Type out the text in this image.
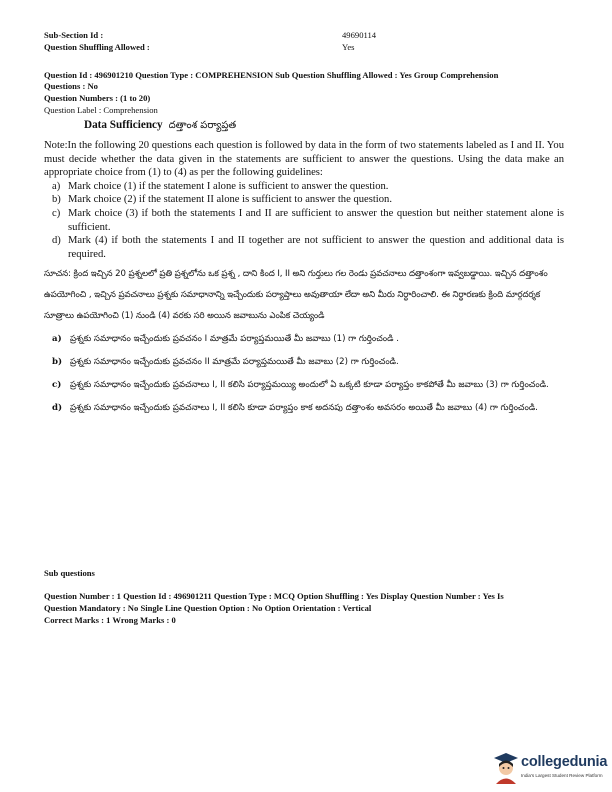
Sub-Section Id :	49690114
Question Shuffling Allowed :	Yes
Question Id : 496901210 Question Type : COMPREHENSION Sub Question Shuffling Allowed : Yes Group Comprehension
Questions : No
Question Numbers : (1 to 20)
Question Label : Comprehension
Data Sufficiency దత్తాంశ పర్యాప్తత
Note:In the following 20 questions each question is followed by data in the form of two statements labeled as I and II. You must decide whether the data given in the statements are sufficient to answer the questions. Using the data make an appropriate choice from (1) to (4) as per the following guidelines:
a) Mark choice (1) if the statement I alone is sufficient to answer the question.
b) Mark choice (2) if the statement II alone is sufficient to answer the question.
c) Mark choice (3) if both the statements I and II are sufficient to answer the question but neither statement alone is sufficient.
d) Mark (4) if both the statements I and II together are not sufficient to answer the question and additional data is required.
సూచన: క్రింద ఇచ్చిన 20 ప్రశ్నలలో ప్రతి ప్రశ్నలోను ఒక ప్రశ్న , దాని కింద I, II అని గుర్తులు గల రెండు ప్రవచనాలు దత్తాంశంగా ఇవ్వబడ్డాయి. ఇచ్చిన దత్తాంశం ఉపయోగించి , ఇచ్చిన ప్రవచనాలు ప్రశ్నకు సమాధానాన్ని ఇచ్చేందుకు పర్యాప్తాలు అవుతాయా లేదా అని మీరు నిర్ధారించాలి. ఈ నిర్ధారణకు క్రింది మార్గదర్శక సూత్రాలు ఉపయోగించి (1) నుండి (4) వరకు సరి అయిన జవాబును ఎంపిక చెయ్యండి
a) ప్రశ్నకు సమాధానం ఇచ్చేందుకు ప్రవచనం I మాత్రమే పర్యాప్తమయితే మీ జవాబు (1) గా గుర్తించండి .
b) ప్రశ్నకు సమాధానం ఇచ్చేందుకు ప్రవచనం II మాత్రమే పర్యాప్తమయితే మీ జవాబు (2) గా గుర్తించండి.
c)	ప్రశ్నకు సమాధానం ఇచ్చేందుకు ప్రవచనాలు I, II కలిసి పర్యాప్తమయ్యి అందులో ఏ ఒక్కటి కూడా పర్యాప్తం కాకపోతే మీ జవాబు (3) గా గుర్తించండి.
d) ప్రశ్నకు సమాధానం ఇచ్చేందుకు ప్రవచనాలు I, II కలిసి కూడా పర్యాప్తం కాక అదనపు దత్తాంశం అవసరం అయితే మీ జవాబు (4) గా గుర్తించండి.
Sub questions
Question Number : 1 Question Id : 496901211 Question Type : MCQ Option Shuffling : Yes Display Question Number : Yes Is
Question Mandatory : No Single Line Question Option : No Option Orientation : Vertical
Correct Marks : 1 Wrong Marks : 0
collegedunia
India's Largest Student Review Platform
